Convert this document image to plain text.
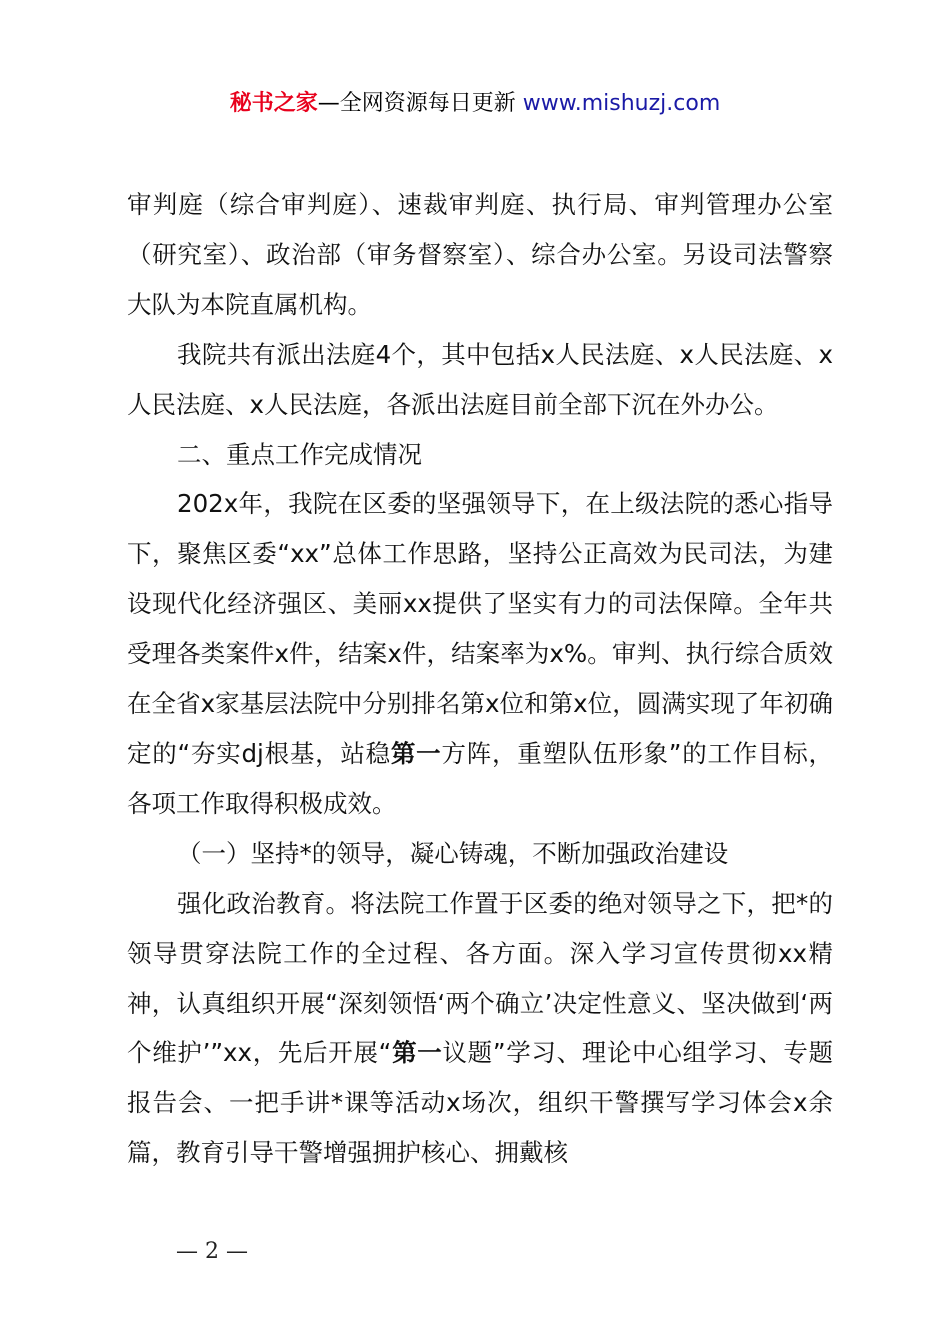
秘书之家—全网资源每日更新 www.mishuzj.com

审判庭（综合审判庭）、速裁审判庭、执行局、审判管理办公室（研究室）、政治部（审务督察室）、综合办公室。另设司法警察大队为本院直属机构。

我院共有派出法庭4个，其中包括x人民法庭、x人民法庭、x人民法庭、x人民法庭，各派出法庭目前全部下沉在外办公。

二、重点工作完成情况

202x年，我院在区委的坚强领导下，在上级法院的悉心指导下，聚焦区委“xx”总体工作思路，坚持公正高效为民司法，为建设现代化经济强区、美丽xx提供了坚实有力的司法保障。全年共受理各类案件x件，结案x件，结案率为x%。审判、执行综合质效在全省x家基层法院中分别排名第x位和第x位，圆满实现了年初确定的“夯实dj根基，站稳第一方阵，重塑队伍形象”的工作目标，各项工作取得积极成效。

（一）坚持*的领导，凝心铸魂，不断加强政治建设

强化政治教育。将法院工作置于区委的绝对领导之下，把*的领导贯穿法院工作的全过程、各方面。深入学习宣传贯彻xx精神，认真组织开展“深刻领悟‘两个确立’决定性意义、坚决做到‘两个维护’”xx，先后开展“第一议题”学习、理论中心组学习、专题报告会、一把手讲*课等活动x场次，组织干警撰写学习体会x余篇，教育引导干警增强拥护核心、拥戴核

— 2 —
